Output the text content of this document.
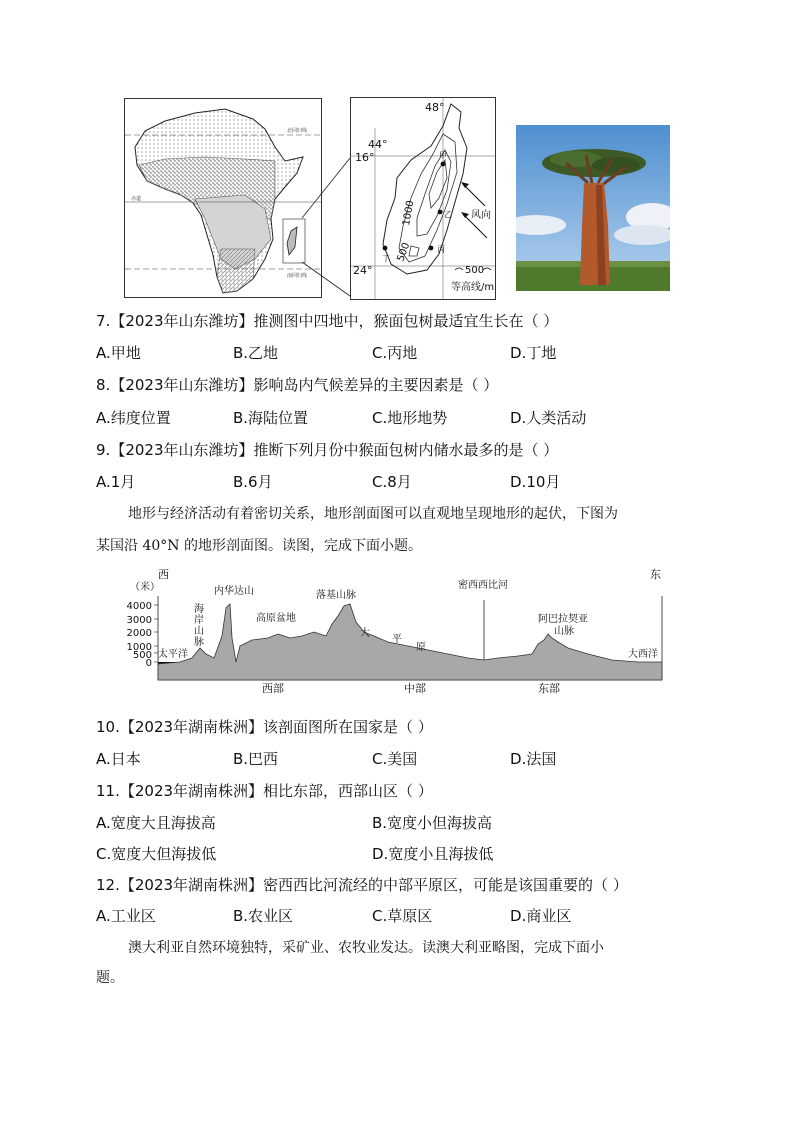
北回归线
赤道
南回归线
48°
44°
16°
24°
1000
500
甲
乙
丙
丁
风向
500
等高线/m
7.【2023年山东潍坊】推测图中四地中，猴面包树最适宜生长在（ ）
A.甲地	B.乙地	C.丙地	D.丁地
8.【2023年山东潍坊】影响岛内气候差异的主要因素是（ ）
A.纬度位置	B.海陆位置	C.地形地势	D.人类活动
9.【2023年山东潍坊】推断下列月份中猴面包树内储水最多的是（ ）
A.1月	B.6月	C.8月	D.10月
地形与经济活动有着密切关系，地形剖面图可以直观地呈现地形的起伏，下图为
某国沿 40°N 的地形剖面图。读图，完成下面小题。
西	东
（米）
4000
3000
2000
1000
500
0
太平洋	大西洋
海
岸
山
脉
内华达山
高原盆地
落基山脉
大
平
原
密西西比河
阿巴拉契亚
山脉
西部	中部	东部
10.【2023年湖南株洲】该剖面图所在国家是（ ）
A.日本	B.巴西	C.美国	D.法国
11.【2023年湖南株洲】相比东部，西部山区（ ）
A.宽度大且海拔高	B.宽度小但海拔高
C.宽度大但海拔低	D.宽度小且海拔低
12.【2023年湖南株洲】密西西比河流经的中部平原区，可能是该国重要的（ ）
A.工业区	B.农业区	C.草原区	D.商业区
澳大利亚自然环境独特，采矿业、农牧业发达。读澳大利亚略图，完成下面小
题。
